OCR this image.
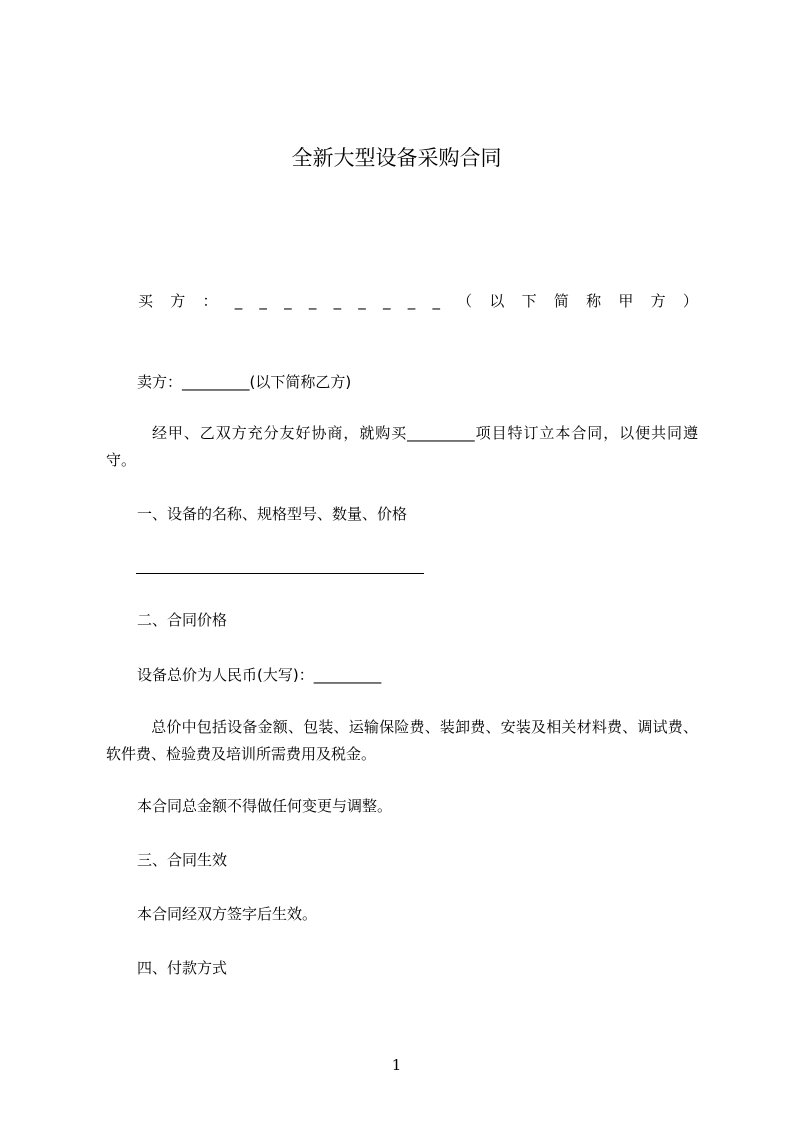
全新大型设备采购合同
买 方 ： _ _ _ _ _ _ _ _ _ （ 以 下 简 称 甲 方 ）
卖方：_________(以下简称乙方)
　经甲、乙双方充分友好协商，就购买_________项目特订立本合同，以便共同遵守。
一、设备的名称、规格型号、数量、价格
二、合同价格
设备总价为人民币(大写)：_________
　总价中包括设备金额、包装、运输保险费、装卸费、安装及相关材料费、调试费、软件费、检验费及培训所需费用及税金。
本合同总金额不得做任何变更与调整。
三、合同生效
本合同经双方签字后生效。
四、付款方式
1
